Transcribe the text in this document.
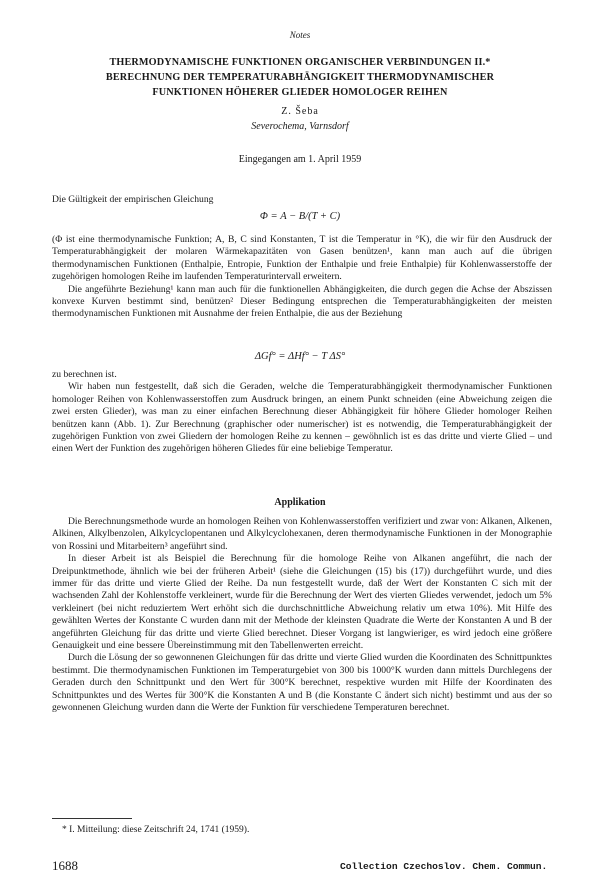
Notes
THERMODYNAMISCHE FUNKTIONEN ORGANISCHER VERBINDUNGEN II.*
BERECHNUNG DER TEMPERATURABHÄNGIGKEIT THERMODYNAMISCHER
FUNKTIONEN HÖHERER GLIEDER HOMOLOGER REIHEN
Z. Šeba
Severochema, Varnsdorf
Eingegangen am 1. April 1959

Die Gültigkeit der empirischen Gleichung

Φ = A − B/(T + C)

(Φ ist eine thermodynamische Funktion; A, B, C sind Konstanten, T ist die Temperatur in °K), die wir für den Ausdruck der Temperaturabhängigkeit der molaren Wärmekapazitäten von Gasen benützen¹, kann man auch auf die übrigen thermodynamischen Funktionen (Enthalpie, Entropie, Funktion der Enthalpie und freie Enthalpie) für Kohlenwasserstoffe der zugehörigen homologen Reihe im laufenden Temperaturintervall erweitern.

Die angeführte Beziehung¹ kann man auch für die funktionellen Abhängigkeiten, die durch gegen die Achse der Abszissen konvexe Kurven bestimmt sind, benützen² Dieser Bedingung entsprechen die Temperaturabhängigkeiten der meisten thermodynamischen Funktionen mit Ausnahme der freien Enthalpie, die aus der Beziehung

ΔGf° = ΔHf° − T ΔS°

zu berechnen ist.

Wir haben nun festgestellt, daß sich die Geraden, welche die Temperaturabhängigkeit thermodynamischer Funktionen homologer Reihen von Kohlenwasserstoffen zum Ausdruck bringen, an einem Punkt schneiden (eine Abweichung zeigen die zwei ersten Glieder), was man zu einer einfachen Berechnung dieser Abhängigkeit für höhere Glieder homologer Reihen benützen kann (Abb. 1). Zur Berechnung (graphischer oder numerischer) ist es notwendig, die Temperaturabhängigkeit der zugehörigen Funktion von zwei Gliedern der homologen Reihe zu kennen – gewöhnlich ist es das dritte und vierte Glied – und einen Wert der Funktion des zugehörigen höheren Gliedes für eine beliebige Temperatur.

Applikation

Die Berechnungsmethode wurde an homologen Reihen von Kohlenwasserstoffen verifiziert und zwar von: Alkanen, Alkenen, Alkinen, Alkylbenzolen, Alkylcyclopentanen und Alkylcyclohexanen, deren thermodynamische Funktionen in der Monographie von Rossini und Mitarbeitern³ angeführt sind.

In dieser Arbeit ist als Beispiel die Berechnung für die homologe Reihe von Alkanen angeführt, die nach der Dreipunktmethode, ähnlich wie bei der früheren Arbeit¹ (siehe die Gleichungen (15) bis (17)) durchgeführt wurde, und dies immer für das dritte und vierte Glied der Reihe. Da nun festgestellt wurde, daß der Wert der Konstanten C sich mit der wachsenden Zahl der Kohlenstoffe verkleinert, wurde für die Berechnung der Wert des vierten Gliedes verwendet, jedoch um 5% verkleinert (bei nicht reduziertem Wert erhöht sich die durchschnittliche Abweichung relativ um etwa 10%). Mit Hilfe des gewählten Wertes der Konstante C wurden dann mit der Methode der kleinsten Quadrate die Werte der Konstanten A und B der angeführten Gleichung für das dritte und vierte Glied berechnet. Dieser Vorgang ist langwieriger, es wird jedoch eine größere Genauigkeit und eine bessere Übereinstimmung mit den Tabellenwerten erreicht.

Durch die Lösung der so gewonnenen Gleichungen für das dritte und vierte Glied wurden die Koordinaten des Schnittpunktes bestimmt. Die thermodynamischen Funktionen im Temperaturgebiet von 300 bis 1000°K wurden dann mittels Durchlegens der Geraden durch den Schnittpunkt und den Wert für 300°K berechnet, respektive wurden mit Hilfe der Koordinaten des Schnittpunktes und des Wertes für 300°K die Konstanten A und B (die Konstante C ändert sich nicht) bestimmt und aus der so gewonnenen Gleichung wurden dann die Werte der Funktion für verschiedene Temperaturen berechnet.

* I. Mitteilung: diese Zeitschrift 24, 1741 (1959).
1688	Collection Czechoslov. Chem. Commun.
